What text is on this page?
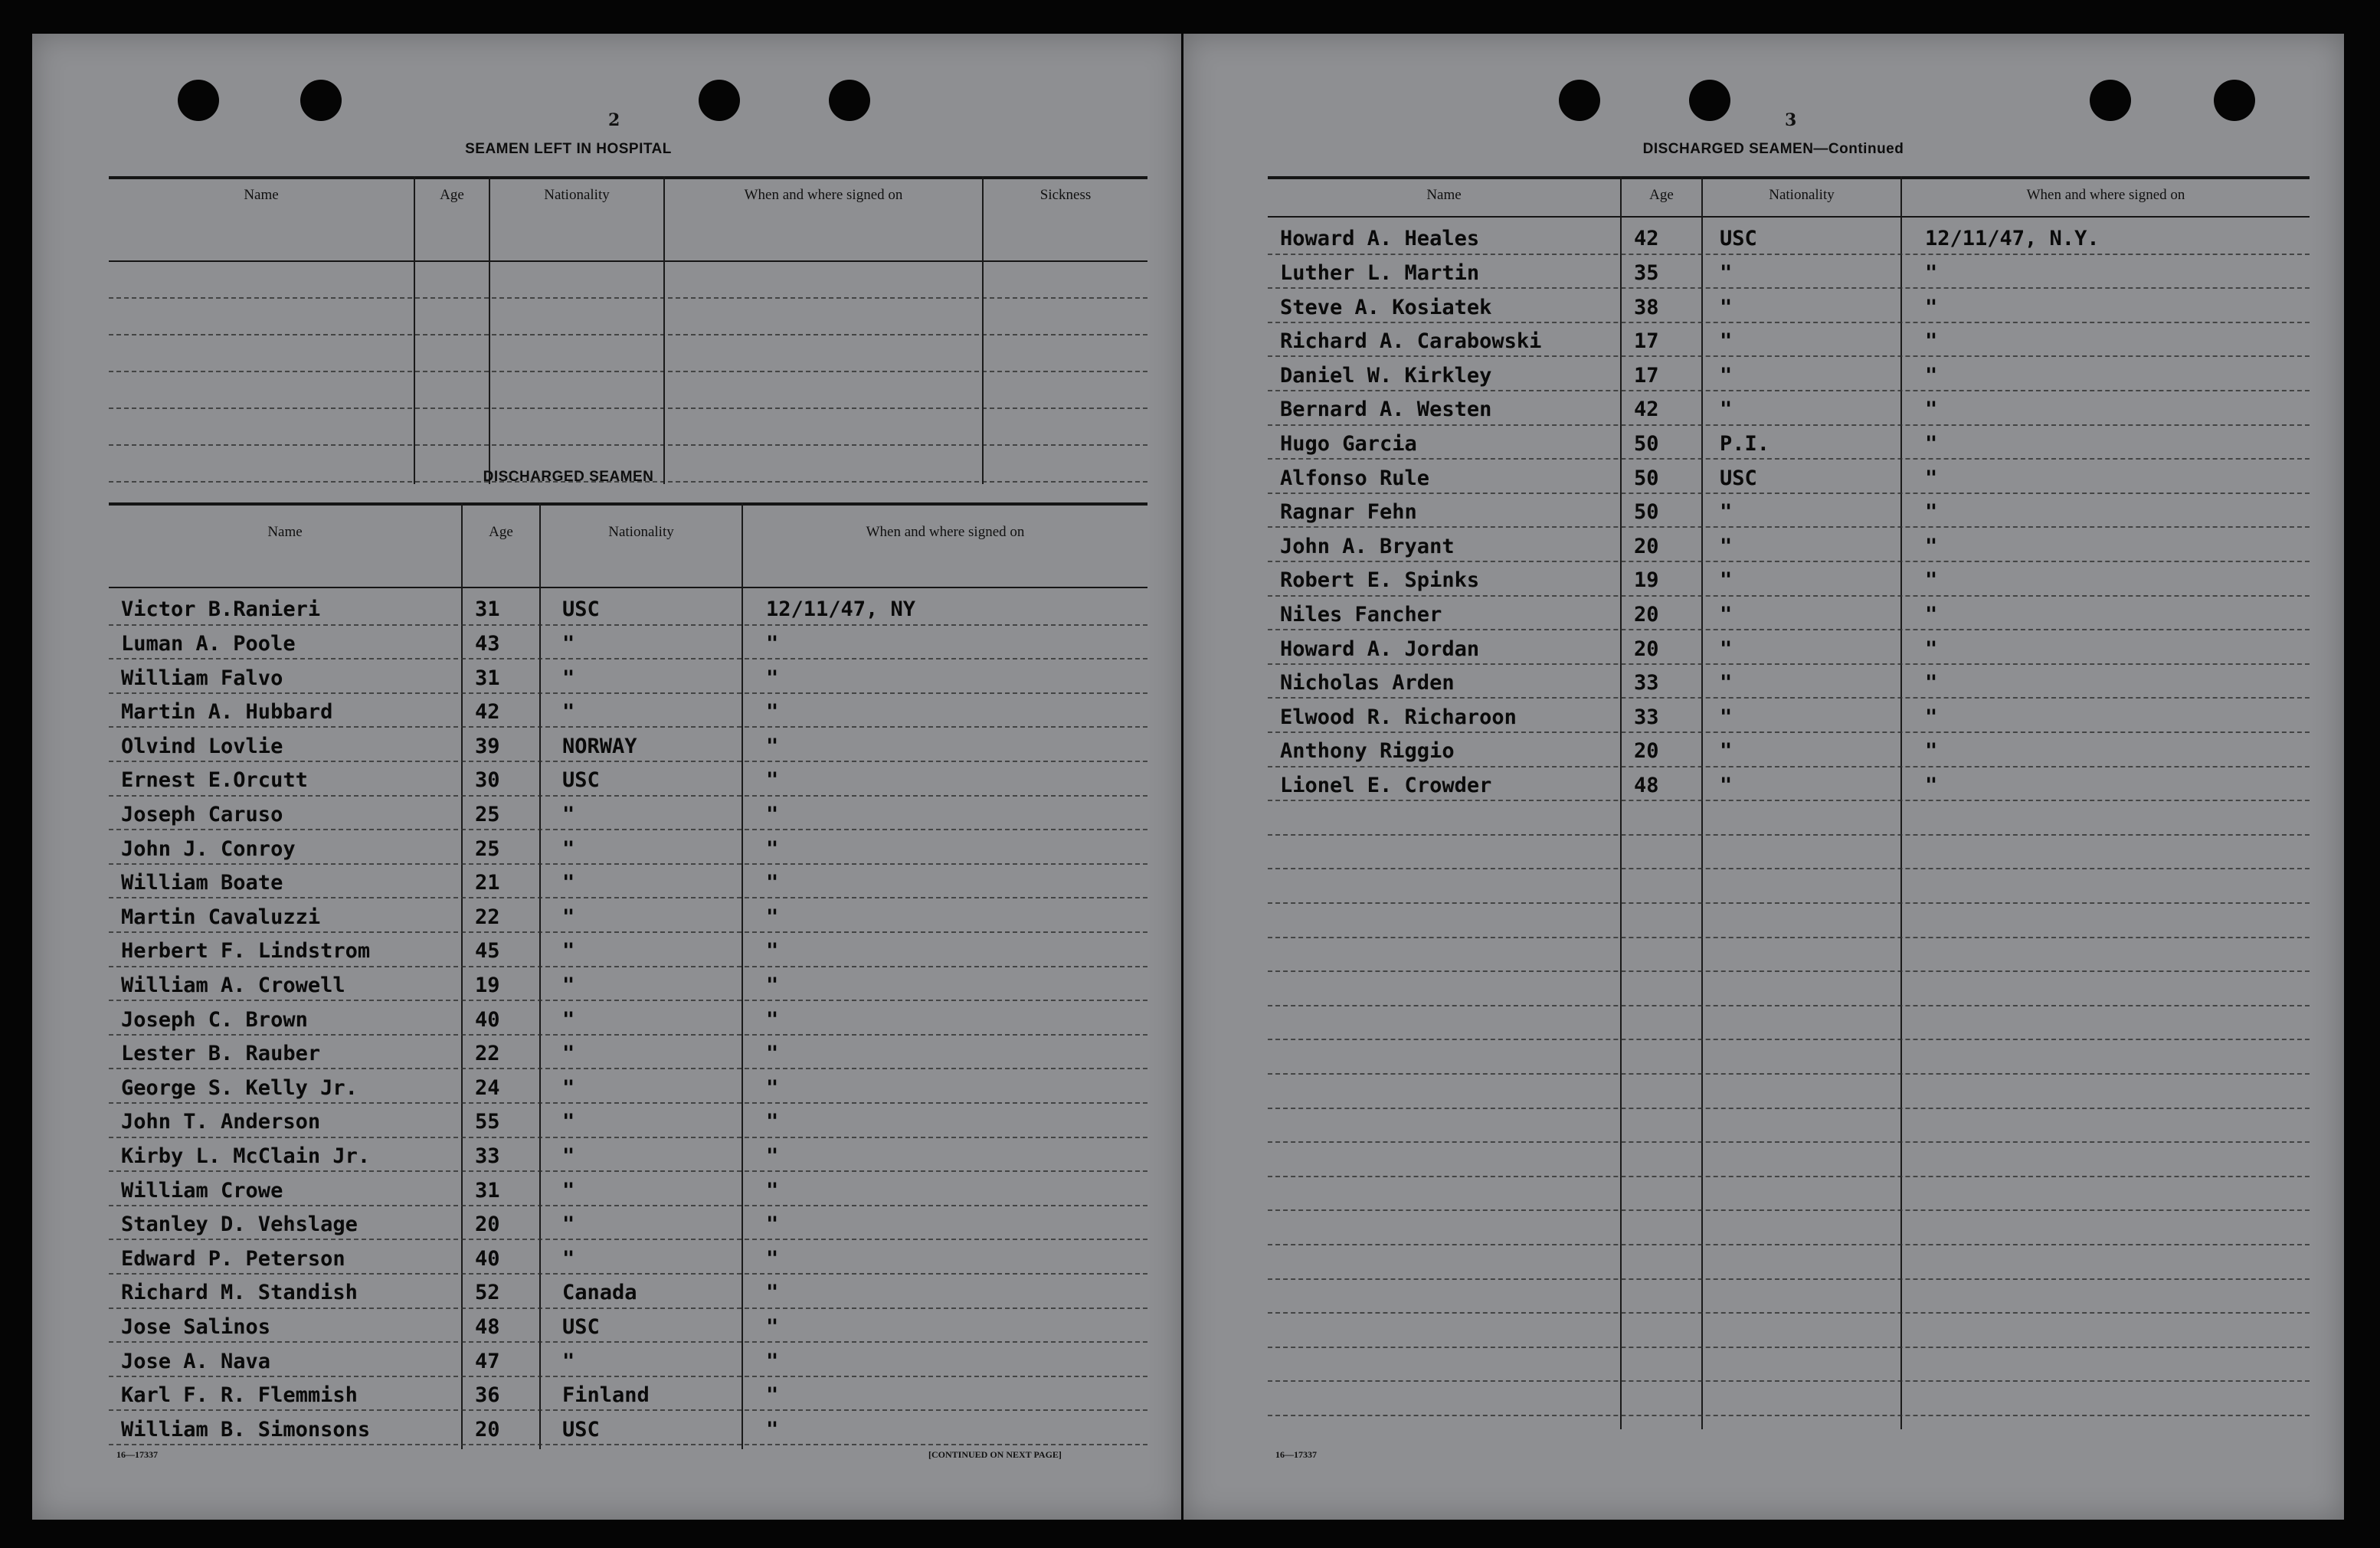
2
SEAMEN LEFT IN HOSPITAL
Name	Age	Nationality	When and where signed on	Sickness
DISCHARGED SEAMEN
Name	Age	Nationality	When and where signed on
Victor B.Ranieri	31	USC	12/11/47, NY
Luman A. Poole	43	"	"
William Falvo	31	"	"
Martin A. Hubbard	42	"	"
Olvind Lovlie	39	NORWAY	"
Ernest E.Orcutt	30	USC	"
Joseph Caruso	25	"	"
John J. Conroy	25	"	"
William Boate	21	"	"
Martin Cavaluzzi	22	"	"
Herbert F. Lindstrom	45	"	"
William A. Crowell	19	"	"
Joseph C. Brown	40	"	"
Lester B. Rauber	22	"	"
George S. Kelly Jr.	24	"	"
John T. Anderson	55	"	"
Kirby L. McClain Jr.	33	"	"
William Crowe	31	"	"
Stanley D. Vehslage	20	"	"
Edward P. Peterson	40	"	"
Richard M. Standish	52	Canada	"
Jose Salinos	48	USC	"
Jose A. Nava	47	"	"
Karl F. R. Flemmish	36	Finland	"
William B. Simonsons	20	USC	"
16—17337	[CONTINUED ON NEXT PAGE]
3
DISCHARGED SEAMEN—Continued
Name	Age	Nationality	When and where signed on
Howard A. Heales	42	USC	12/11/47, N.Y.
Luther L. Martin	35	"	"
Steve A. Kosiatek	38	"	"
Richard A. Carabowski	17	"	"
Daniel W. Kirkley	17	"	"
Bernard A. Westen	42	"	"
Hugo Garcia	50	P.I.	"
Alfonso Rule	50	USC	"
Ragnar Fehn	50	"	"
John A. Bryant	20	"	"
Robert E. Spinks	19	"	"
Niles Fancher	20	"	"
Howard A. Jordan	20	"	"
Nicholas Arden	33	"	"
Elwood R. Richaroon	33	"	"
Anthony Riggio	20	"	"
Lionel E. Crowder	48	"	"
16—17337
